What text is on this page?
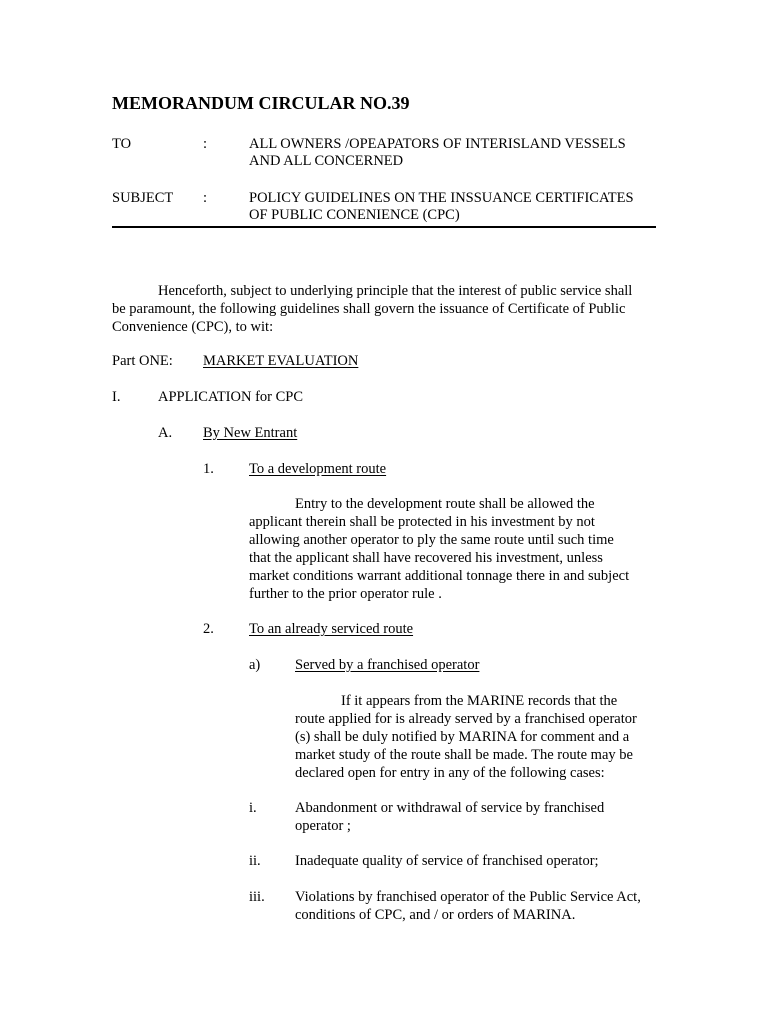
MEMORANDUM CIRCULAR NO.39
TO	:	ALL OWNERS /OPEAPATORS OF INTERISLAND VESSELS
AND ALL CONCERNED
SUBJECT :	POLICY GUIDELINES ON THE INSSUANCE CERTIFICATES
OF PUBLIC CONENIENCE (CPC)
Henceforth, subject to underlying principle that the interest of public service shall
be paramount, the following guidelines shall govern the issuance of Certificate of Public
Convenience (CPC), to wit:
Part ONE: MARKET EVALUATION
I.	APPLICATION for CPC
A. By New Entrant
1. To a development route
Entry to the development route shall be allowed the
applicant therein shall be protected in his investment by not
allowing another operator to ply the same route until such time
that the applicant shall have recovered his investment, unless
market conditions warrant additional tonnage there in and subject
further to the prior operator rule .
2. To an already serviced route
a) Served by a franchised operator
If it appears from the MARINE records that the
route applied for is already served by a franchised operator
(s) shall be duly notified by MARINA for comment and a
market study of the route shall be made. The route may be
declared open for entry in any of the following cases:
i.	Abandonment or withdrawal of service by franchised
operator ;
ii. Inadequate quality of service of franchised operator;
iii. Violations by franchised operator of the Public Service Act,
conditions of CPC, and / or orders of MARINA.
